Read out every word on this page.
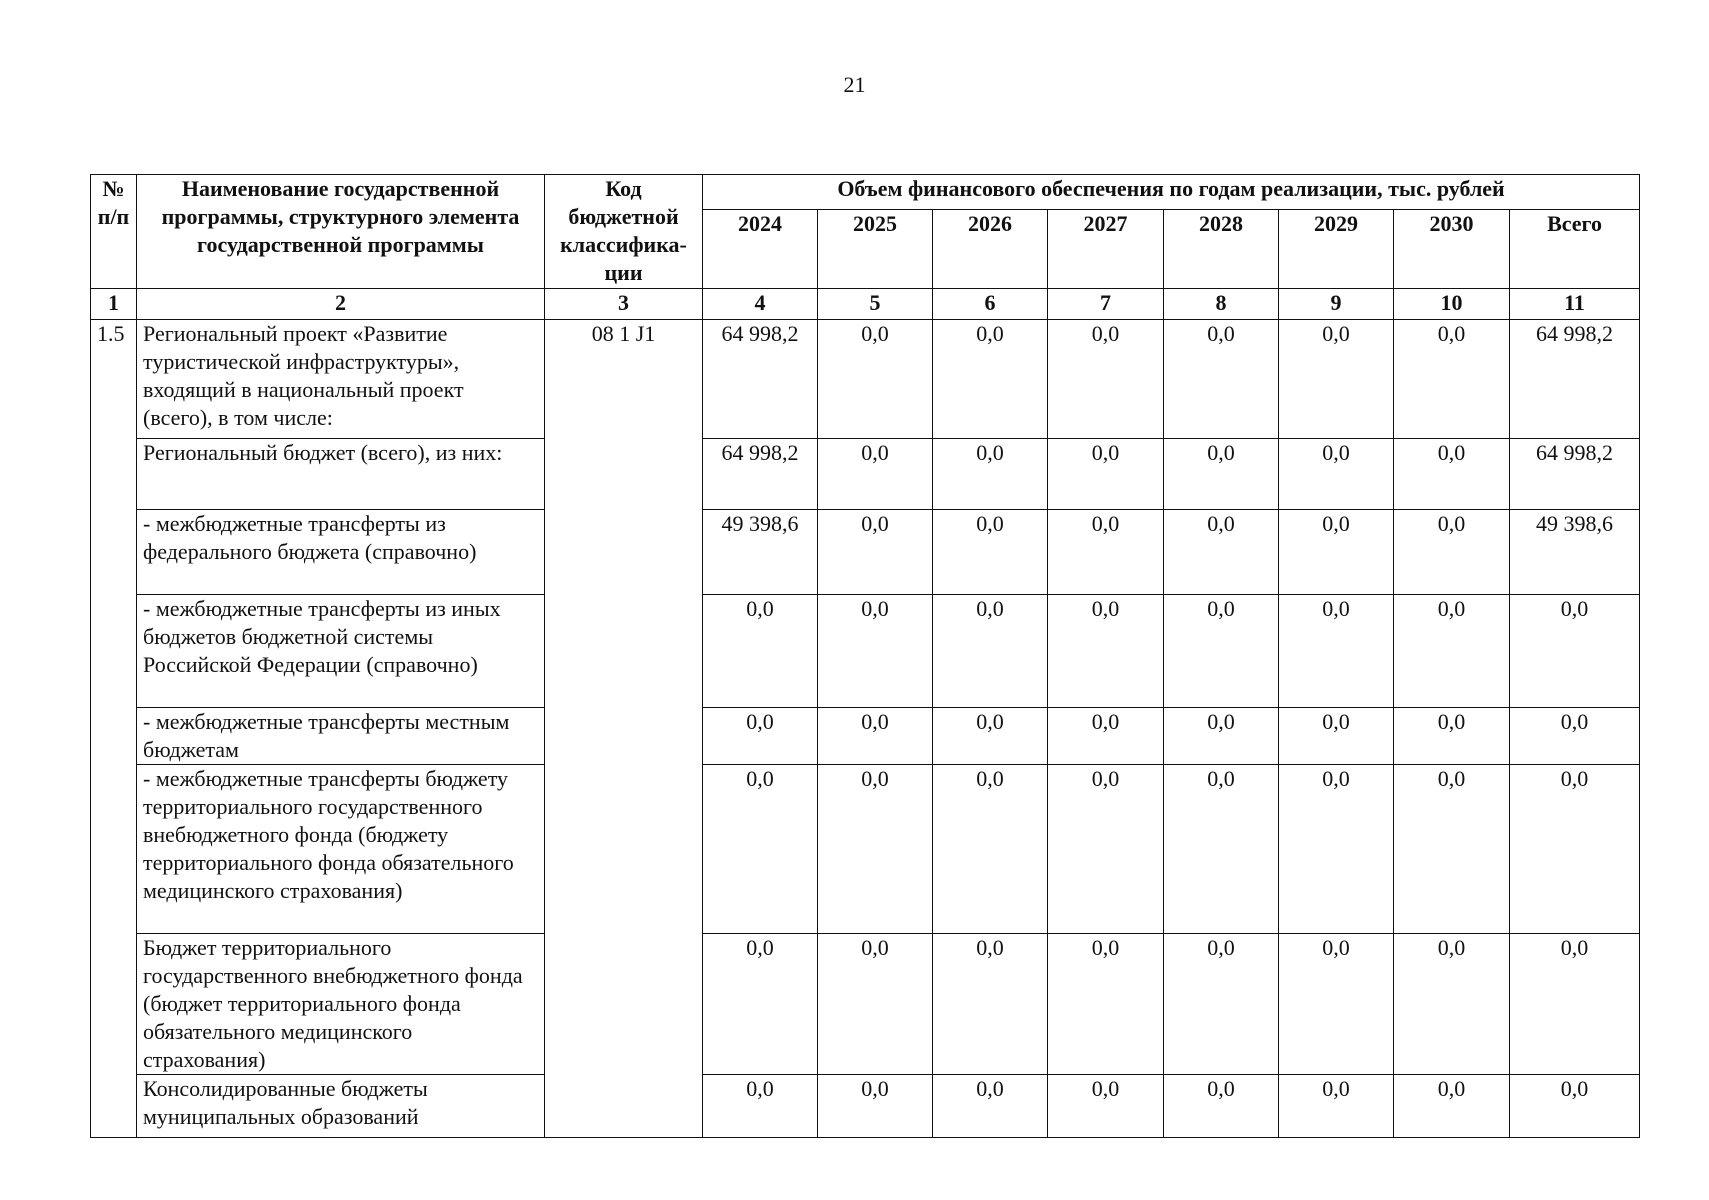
21
№ п/п	Наименование государственной программы, структурного элемента государственной программы	Код бюджетной классифика-ции	Объем финансового обеспечения по годам реализации, тыс. рублей							
			2024	2025	2026	2027	2028	2029	2030	Всего
1	2	3	4	5	6	7	8	9	10	11
1.5	Региональный проект «Развитие туристической инфраструктуры», входящий в национальный проект (всего), в том числе:	08 1 J1	64 998,2	0,0	0,0	0,0	0,0	0,0	0,0	64 998,2
	Региональный бюджет (всего), из них:		64 998,2	0,0	0,0	0,0	0,0	0,0	0,0	64 998,2
	- межбюджетные трансферты из федерального бюджета (справочно)		49 398,6	0,0	0,0	0,0	0,0	0,0	0,0	49 398,6
	- межбюджетные трансферты из иных бюджетов бюджетной системы Российской Федерации (справочно)		0,0	0,0	0,0	0,0	0,0	0,0	0,0	0,0
	- межбюджетные трансферты местным бюджетам		0,0	0,0	0,0	0,0	0,0	0,0	0,0	0,0
	- межбюджетные трансферты бюджету территориального государственного внебюджетного фонда (бюджету территориального фонда обязательного медицинского страхования)		0,0	0,0	0,0	0,0	0,0	0,0	0,0	0,0
	Бюджет территориального государственного внебюджетного фонда (бюджет территориального фонда обязательного медицинского страхования)		0,0	0,0	0,0	0,0	0,0	0,0	0,0	0,0
	Консолидированные бюджеты муниципальных образований		0,0	0,0	0,0	0,0	0,0	0,0	0,0	0,0
